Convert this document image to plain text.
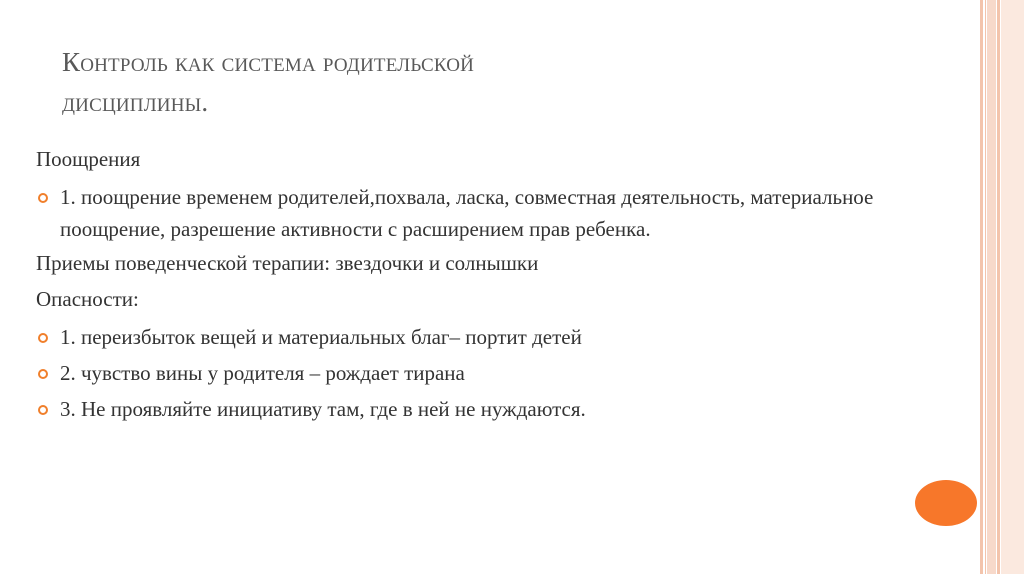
Контроль как система родительской
дисциплины.
Поощрения
1. поощрение временем родителей,похвала, ласка, совместная деятельность, материальное поощрение, разрешение активности с расширением прав ребенка.
Приемы поведенческой терапии: звездочки и солнышки
Опасности:
1. переизбыток вещей и материальных благ– портит детей
2. чувство вины у родителя – рождает тирана
3. Не проявляйте инициативу там, где в ней не нуждаются.
